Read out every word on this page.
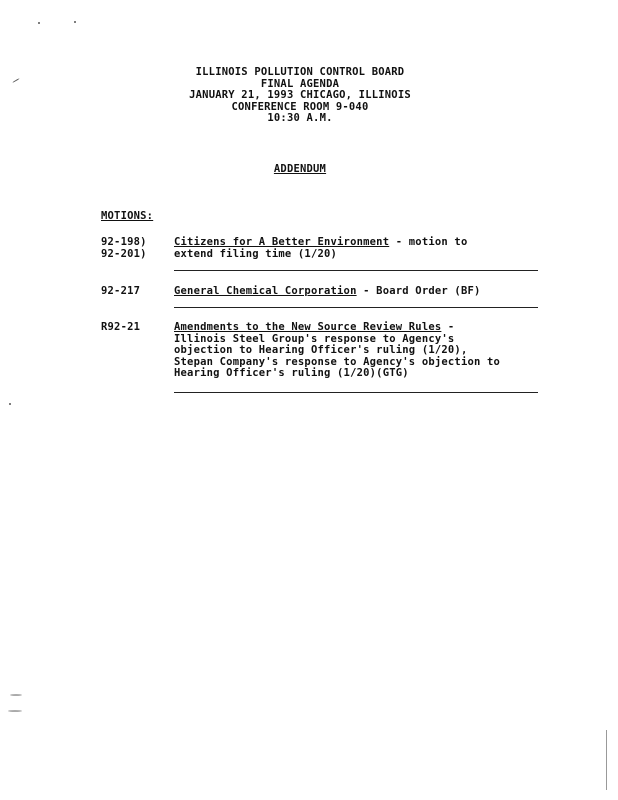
ILLINOIS POLLUTION CONTROL BOARD
FINAL AGENDA
JANUARY 21, 1993 CHICAGO, ILLINOIS
CONFERENCE ROOM 9-040
10:30 A.M.
ADDENDUM
MOTIONS:
92-198)
92-201)
Citizens for A Better Environment - motion to
extend filing time (1/20)
92-217	General Chemical Corporation - Board Order (BF)
R92-21	Amendments to the New Source Review Rules -
Illinois Steel Group's response to Agency's
objection to Hearing Officer's ruling (1/20),
Stepan Company's response to Agency's objection to
Hearing Officer's ruling (1/20)(GTG)
